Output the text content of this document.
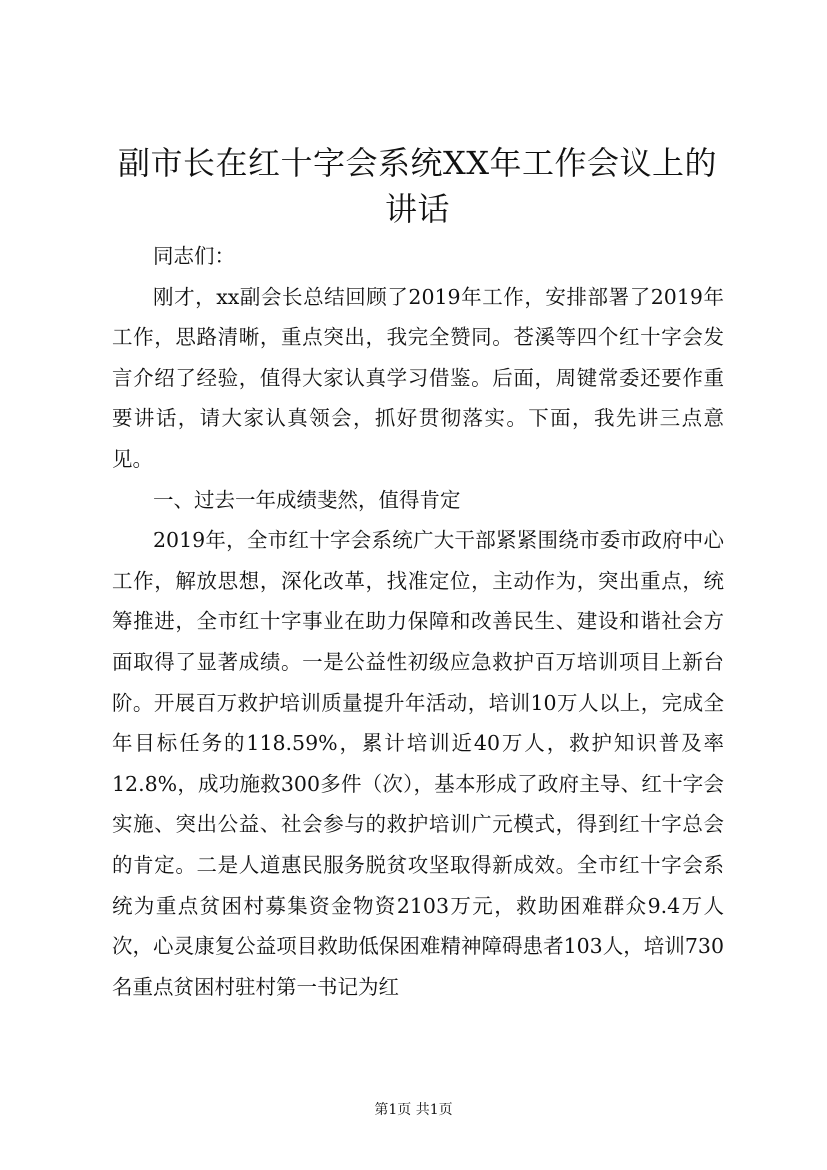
副市长在红十字会系统XX年工作会议上的讲话

同志们：

刚才，xx副会长总结回顾了2019年工作，安排部署了2019年工作，思路清晰，重点突出，我完全赞同。苍溪等四个红十字会发言介绍了经验，值得大家认真学习借鉴。后面，周键常委还要作重要讲话，请大家认真领会，抓好贯彻落实。下面，我先讲三点意见。

一、过去一年成绩斐然，值得肯定

2019年，全市红十字会系统广大干部紧紧围绕市委市政府中心工作，解放思想，深化改革，找准定位，主动作为，突出重点，统筹推进，全市红十字事业在助力保障和改善民生、建设和谐社会方面取得了显著成绩。一是公益性初级应急救护百万培训项目上新台阶。开展百万救护培训质量提升年活动，培训10万人以上，完成全年目标任务的118.59%，累计培训近40万人，救护知识普及率12.8%，成功施救300多件（次），基本形成了政府主导、红十字会实施、突出公益、社会参与的救护培训广元模式，得到红十字总会的肯定。二是人道惠民服务脱贫攻坚取得新成效。全市红十字会系统为重点贫困村募集资金物资2103万元，救助困难群众9.4万人次，心灵康复公益项目救助低保困难精神障碍患者103人，培训730名重点贫困村驻村第一书记为红

第1页 共1页
